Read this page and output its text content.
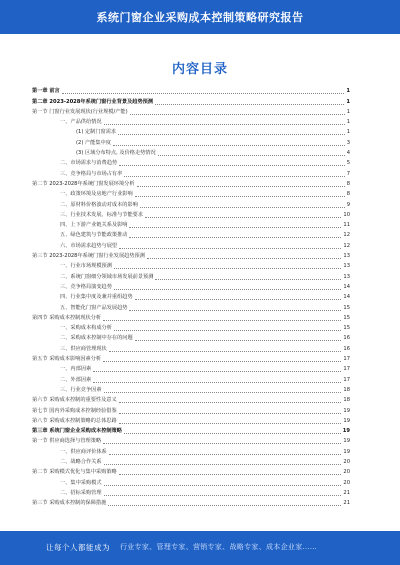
系统门窗企业采购成本控制策略研究报告
内容目录
第一章 前言	1
第二章 2023-2028年系统门窗行业背景及趋势预测	1
第一节 门窗行业发展现状(行业规模/产能)	1
一、产品供给情况	1
(1) 定制门窗需求	1
(2) 产能集中度	3
(3) 区域分布特点, 及价格走势情况	4
二、市场需求与消费趋势	5
三、竞争格局与市场占有率	7
第二节 2023-2028年系统门窗发展环境分析	8
一、政策环境及房地产行业影响	8
二、原材料价格波动对成本的影响	9
三、行业技术发展、标准与节能要求	10
四、上下游产业链关系及影响	11
五、绿色建筑与节能政策推动	12
六、市场需求趋势与展望	12
第三节 2023-2028年系统门窗行业发展趋势预测	13
一、行业市场规模预测	13
二、系统门窗细分领域市场发展前景预测	13
三、竞争格局演变趋势	14
四、行业集中度及兼并重组趋势	14
五、智能化门窗产品发展趋势	15
第四节 采购成本控制现状分析	15
一、采购成本构成分析	15
二、采购成本控制中存在的问题	16
三、供应商管理现状	16
第五节 采购成本影响因素分析	17
一、内部因素	17
二、外部因素	17
三、行业竞争因素	18
第六节 采购成本控制的重要性及意义	18
第七节 国内外采购成本控制经验借鉴	19
第八节 采购成本控制策略的总体思路	19
第三章 系统门窗企业采购成本控制策略	19
第一节 供应商选择与管理策略	19
一、供应商评价体系	19
二、战略合作关系	20
第二节 采购模式优化与集中采购策略	20
一、集中采购模式	20
二、招标采购管理	21
第三节 采购成本控制的保障措施	21
让每个人都能成为 行业专家、管理专家、营销专家、战略专家、成本企业家……
